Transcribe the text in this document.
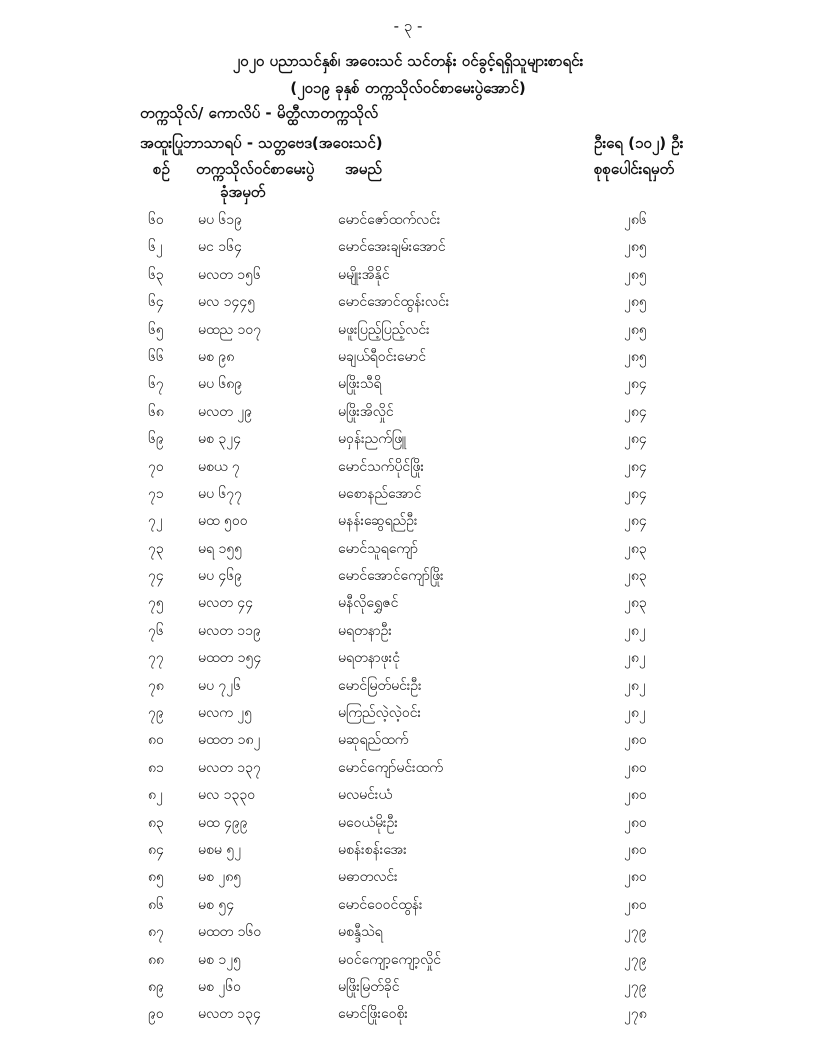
- ၃ -
၂၀၂၀ ပညာသင်နှစ်၊ အဝေးသင် သင်တန်း ဝင်ခွင့်ရရှိသူများစာရင်း
(၂၀၁၉ ခုနှစ် တက္ကသိုလ်ဝင်စာမေးပွဲအောင်)
တက္ကသိုလ်/ ကောလိပ် - မိတ္ထီလာတက္ကသိုလ်
အထူးပြုဘာသာရပ် - သတ္တဗေဒ(အဝေးသင်)	ဦးရေ (၁၀၂) ဦး
စဉ် တက္ကသိုလ်ဝင်စာမေးပွဲ
ခုံအမှတ်
အမည်	စုစုပေါင်းရမှတ်
၆၀	မပ ၆၁၉	မောင်ဇော်ထက်လင်း	၂၈၆
၆၂	မင ၁၆၄	မောင်အေးချမ်းအောင်	၂၈၅
၆၃	မလတ ၁၅၆	မမျိုးအိနိုင်	၂၈၅
၆၄	မလ ၁၄၄၅	မောင်အောင်ထွန်းလင်း	၂၈၅
၆၅	မထည ၁၀၇	မဖူးပြည့်ပြည့်လင်း	၂၈၅
၆၆	မစ ၉၈	မချယ်ရီဝင်းမောင်	၂၈၅
၆၇	မပ ၆၈၉	မဖြိုးသီရိ	၂၈၄
၆၈	မလတ ၂၉	မဖြိုးအိလှိုင်	၂၈၄
၆၉	မစ ၃၂၄	မဝှန်းညက်ဖြူ	၂၈၄
၇၀	မစယ ၇	မောင်သက်ပိုင်ဖြိုး	၂၈၄
၇၁	မပ ၆၇၇	မစောနည်အောင်	၂၈၄
၇၂	မထ ၅၀၀	မနန်းဆွေရည်ဦး	၂၈၄
၇၃	မရ ၁၅၅	မောင်သူရကျော်	၂၈၃
၇၄	မပ ၄၆၉	မောင်အောင်ကျော်ဖြိုး	၂၈၃
၇၅	မလတ ၄၄	မနီလိုရွှေဇင်	၂၈၃
၇၆	မလတ ၁၁၉	မရတနာဦး	၂၈၂
၇၇	မထတ ၁၅၄	မရတနာဖုးငုံ	၂၈၂
၇၈	မပ ၇၂၆	မောင်မြတ်မင်းဦး	၂၈၂
၇၉	မလက ၂၅	မကြည်လဲ့လဲ့ဝင်း	၂၈၂
၈၀	မထတ ၁၈၂	မဆုရည်ထက်	၂၈၀
၈၁	မလတ ၁၃၇	မောင်ကျော်မင်းထက်	၂၈၀
၈၂	မလ ၁၃၃၀	မလမင်းယံ	၂၈၀
၈၃	မထ ၄၉၉	မဝေယံမိုးဦး	၂၈၀
၈၄	မစမ ၅၂	မစန်းစန်းအေး	၂၈၀
၈၅	မစ ၂၈၅	မဓာတလင်း	၂၈၀
၈၆	မစ ၅၄	မောင်ဝေဝင်ထွန်း	၂၈၀
၈၇	မထတ ၁၆၀	မစန္ဒီသဲရ	၂၇၉
၈၈	မစ ၁၂၅	မဝင်ကျော့ကျော့လှိုင်	၂၇၉
၈၉	မစ ၂၆၀	မဖြိုးမြတ်ခိုင်	၂၇၉
၉၀	မလတ ၁၃၄	မောင်ဖြိုးဝေစိုး	၂၇၈
